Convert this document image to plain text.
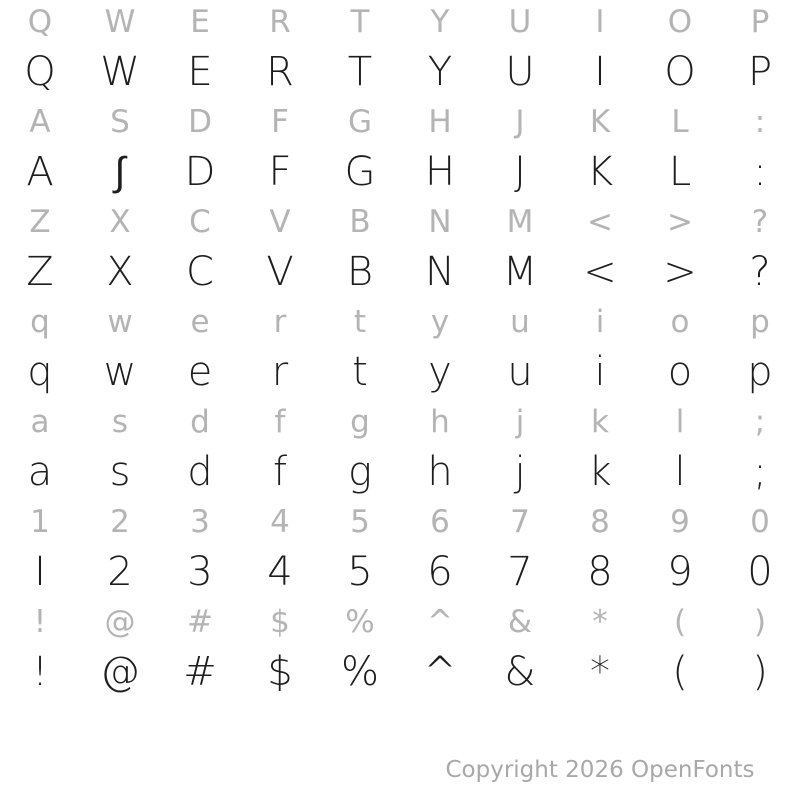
Q	W	E	R	T	Y	U	I	O	P
Q	W	E	R	T	Y	U	I	O	P
A	S	D	F	G	H	J	K	L	:
A	∫	D	F	G	H	J	K	L	:
Z	X	C	V	B	N	M	<	>	?
Z	X	C	V	B	N	M	<	>	?
q	w	e	r	t	y	u	i	o	p
q	w	e	r	t	y	u	i	o	p
a	s	d	f	g	h	j	k	l	;
a	s	d	f	g	h	j	k	l	;
1	2	3	4	5	6	7	8	9	0
I	2	3	4	5	6	7	8	9	0
!	@	#	$	%	^	&	*	(	)
!	@	#	$	%	^	&	*	(	)
Copyright 2026 OpenFonts
